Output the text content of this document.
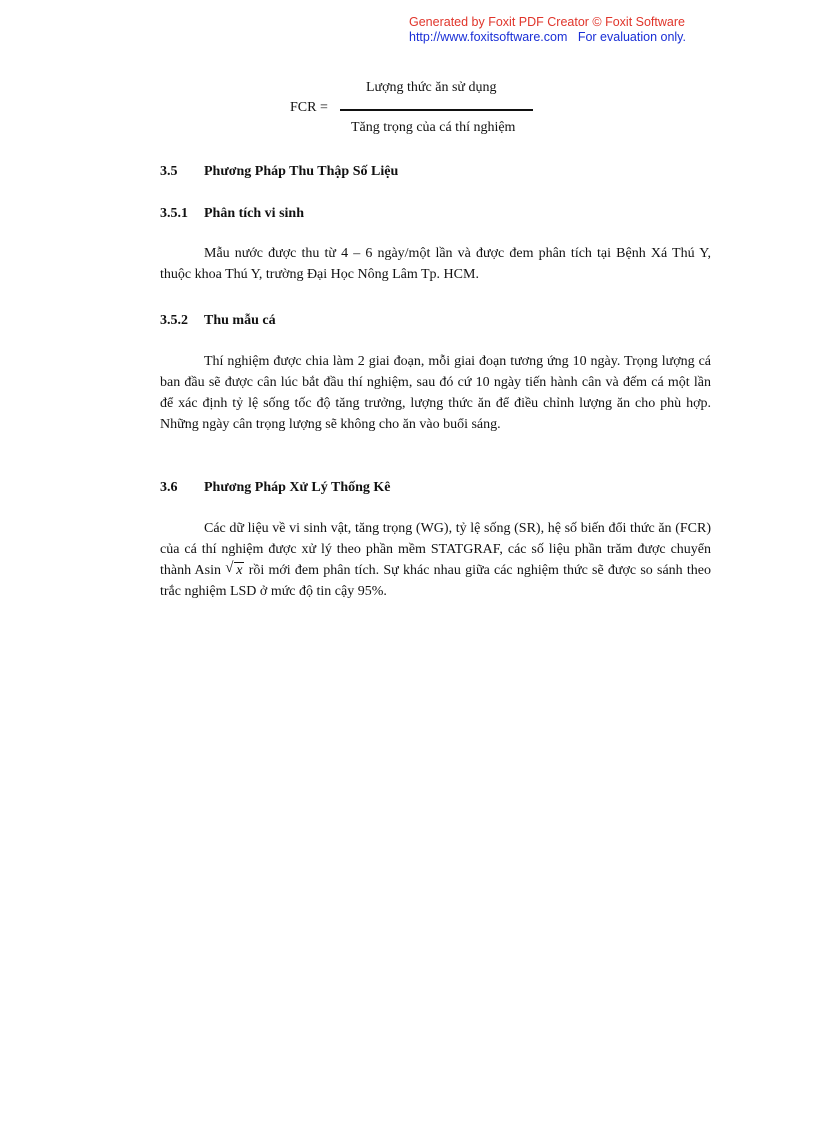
Generated by Foxit PDF Creator © Foxit Software
http://www.foxitsoftware.com For evaluation only.
FCR =
Lượng thức ăn sử dụng
Tăng trọng của cá thí nghiệm
3.5 Phương Pháp Thu Thập Số Liệu
3.5.1 Phân tích vi sinh

Mẫu nước được thu từ 4 – 6 ngày/một lần và được đem phân tích tại Bệnh Xá Thú Y, thuộc khoa Thú Y, trường Đại Học Nông Lâm Tp. HCM.

3.5.2 Thu mẫu cá

Thí nghiệm được chia làm 2 giai đoạn, mỗi giai đoạn tương ứng 10 ngày. Trọng lượng cá ban đầu sẽ được cân lúc bắt đầu thí nghiệm, sau đó cứ 10 ngày tiến hành cân và đếm cá một lần để xác định tỷ lệ sống tốc độ tăng trưởng, lượng thức ăn để điều chỉnh lượng ăn cho phù hợp. Những ngày cân trọng lượng sẽ không cho ăn vào buổi sáng.

3.6 Phương Pháp Xử Lý Thống Kê

Các dữ liệu về vi sinh vật, tăng trọng (WG), tỷ lệ sống (SR), hệ số biến đổi thức ăn (FCR) của cá thí nghiệm được xử lý theo phần mềm STATGRAF, các số liệu phần trăm được chuyển thành Asin √ x rồi mới đem phân tích. Sự khác nhau giữa các nghiệm thức sẽ được so sánh theo trắc nghiệm LSD ở mức độ tin cậy 95%.
